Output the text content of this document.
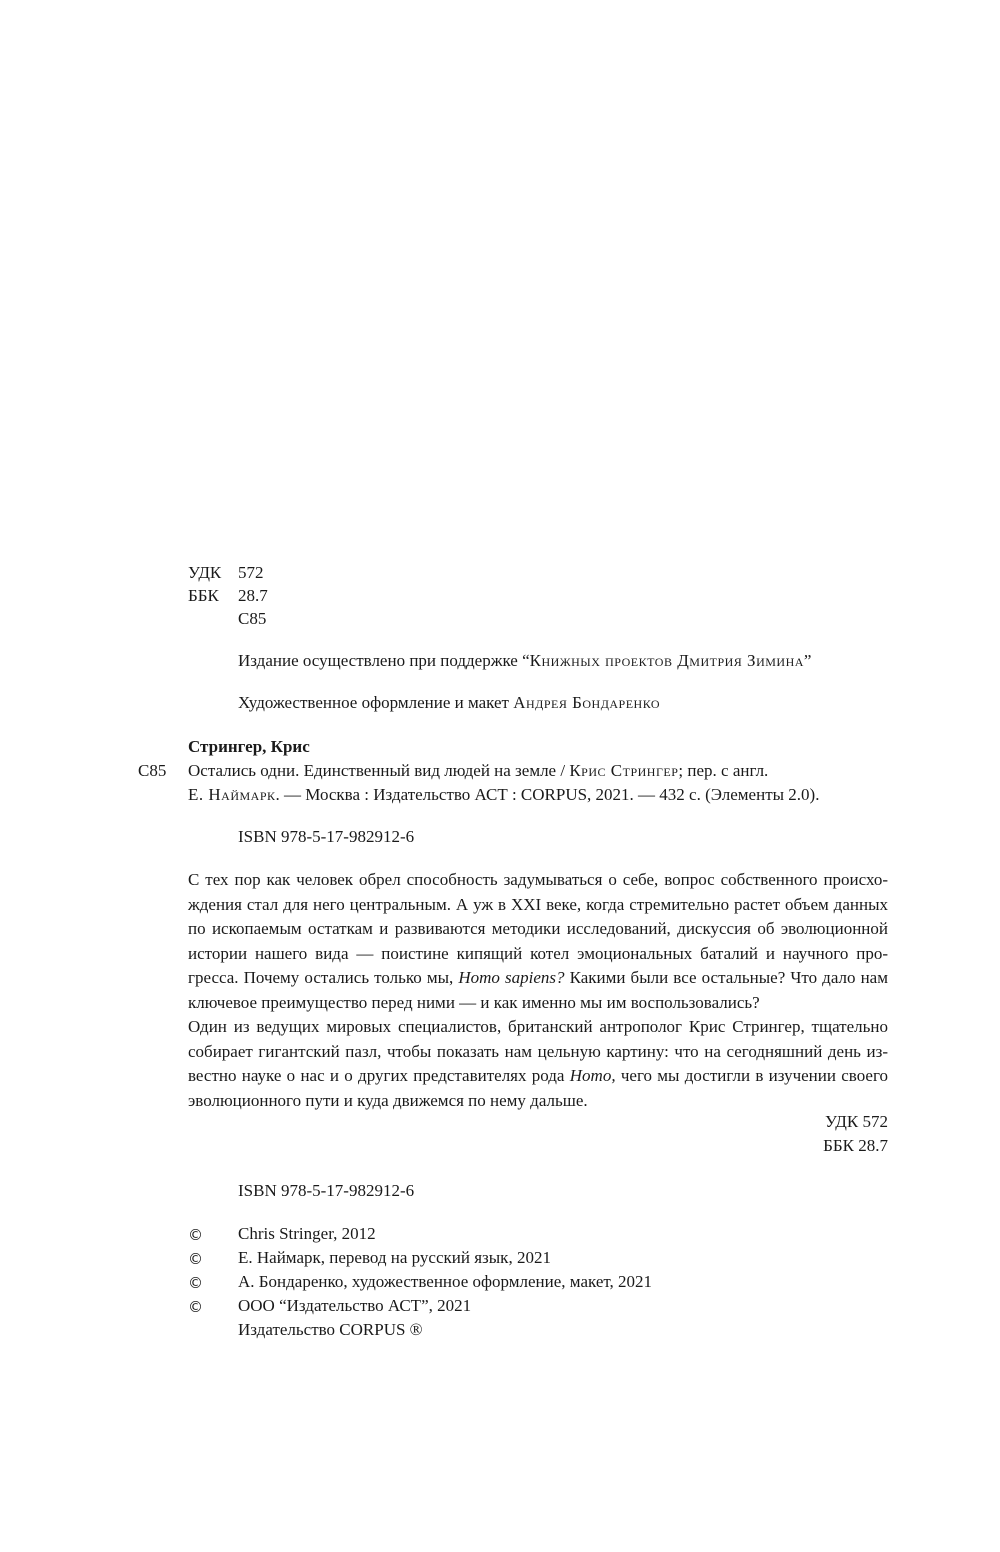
УДК 572
ББК 28.7
С85
Издание осуществлено при поддержке “Книжных проектов Дмитрия Зимина”
Художественное оформление и макет Андрея Бондаренко
Стрингер, Крис
С85 Остались одни. Единственный вид людей на земле / Крис Стрингер; пер. с англ.
Е. Наймарк. — Москва : Издательство АСТ : CORPUS, 2021. — 432 с. (Элементы 2.0).
ISBN 978-5-17-982912-6
С тех пор как человек обрел способность задумываться о себе, вопрос собственного происхо-
ждения стал для него центральным. А уж в XXI веке, когда стремительно растет объем данных
по ископаемым остаткам и развиваются методики исследований, дискуссия об эволюционной
истории нашего вида — поистине кипящий котел эмоциональных баталий и научного про-
гресса. Почему остались только мы, Homo sapiens? Какими были все остальные? Что дало нам
ключевое преимущество перед ними — и как именно мы им воспользовались?
Один из ведущих мировых специалистов, британский антрополог Крис Стрингер, тщательно
собирает гигантский пазл, чтобы показать нам цельную картину: что на сегодняшний день из-
вестно науке о нас и о других представителях рода Homo, чего мы достигли в изучении своего
эволюционного пути и куда движемся по нему дальше.
УДК 572
ББК 28.7
ISBN 978-5-17-982912-6
© Chris Stringer, 2012
© Е. Наймарк, перевод на русский язык, 2021
© А. Бондаренко, художественное оформление, макет, 2021
© ООО “Издательство АСТ”, 2021
Издательство CORPUS ®
